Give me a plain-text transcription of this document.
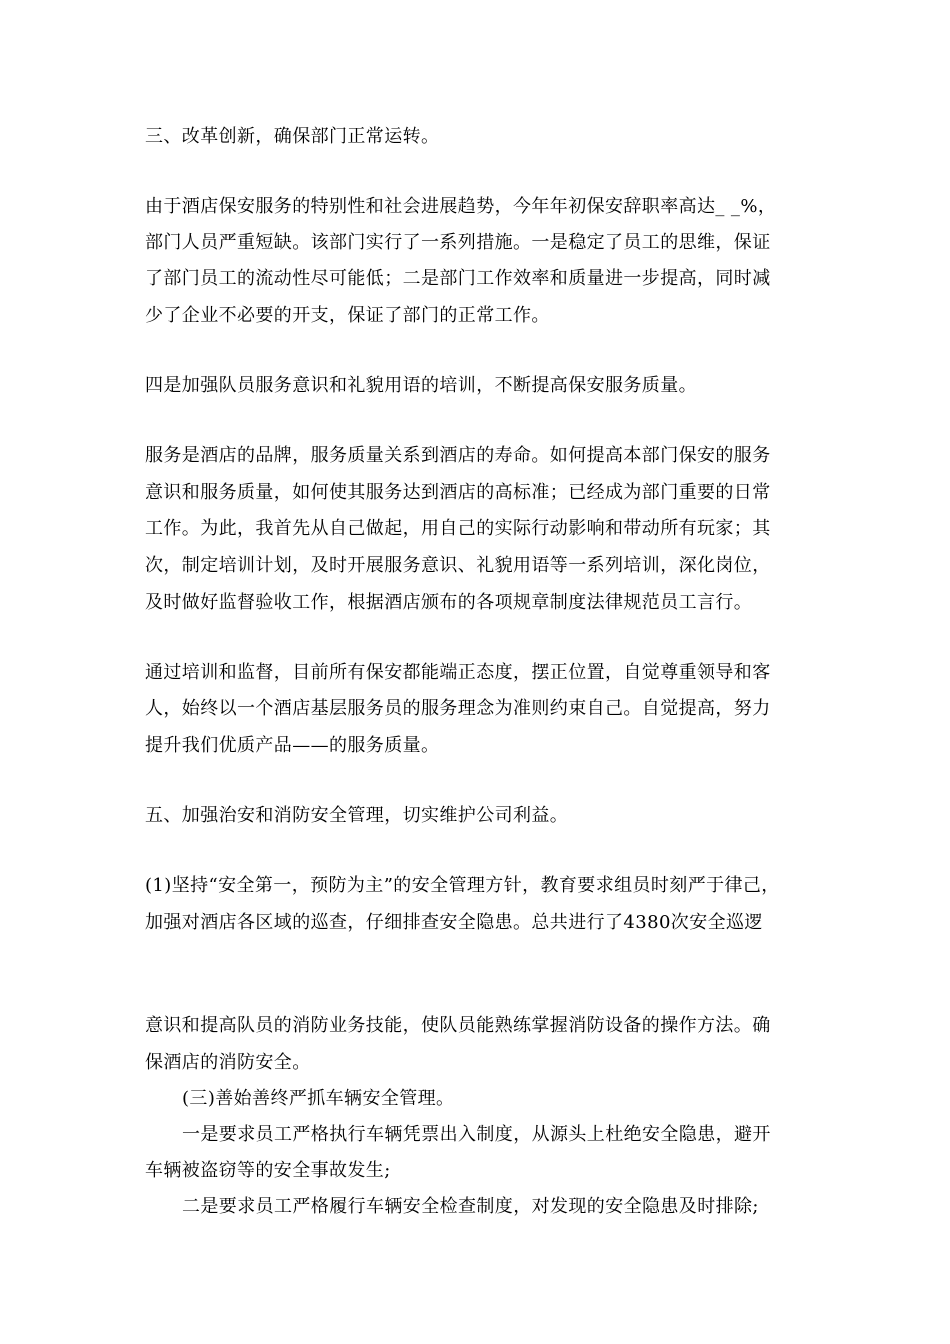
三、改革创新，确保部门正常运转。
由于酒店保安服务的特别性和社会进展趋势，今年年初保安辞职率高达_ _%，
部门人员严重短缺。该部门实行了一系列措施。一是稳定了员工的思维，保证
了部门员工的流动性尽可能低；二是部门工作效率和质量进一步提高，同时减
少了企业不必要的开支，保证了部门的正常工作。
四是加强队员服务意识和礼貌用语的培训，不断提高保安服务质量。
服务是酒店的品牌，服务质量关系到酒店的寿命。如何提高本部门保安的服务
意识和服务质量，如何使其服务达到酒店的高标准；已经成为部门重要的日常
工作。为此，我首先从自己做起，用自己的实际行动影响和带动所有玩家；其
次，制定培训计划，及时开展服务意识、礼貌用语等一系列培训，深化岗位，
及时做好监督验收工作，根据酒店颁布的各项规章制度法律规范员工言行。
通过培训和监督，目前所有保安都能端正态度，摆正位置，自觉尊重领导和客
人，始终以一个酒店基层服务员的服务理念为准则约束自己。自觉提高，努力
提升我们优质产品——的服务质量。
五、加强治安和消防安全管理，切实维护公司利益。
(1)坚持“安全第一，预防为主”的安全管理方针，教育要求组员时刻严于律己，
加强对酒店各区域的巡查，仔细排查安全隐患。总共进行了4380次安全巡逻
意识和提高队员的消防业务技能，使队员能熟练掌握消防设备的操作方法。确
保酒店的消防安全。
(三)善始善终严抓车辆安全管理。
一是要求员工严格执行车辆凭票出入制度，从源头上杜绝安全隐患，避开
车辆被盗窃等的安全事故发生;
二是要求员工严格履行车辆安全检查制度，对发现的安全隐患及时排除;
